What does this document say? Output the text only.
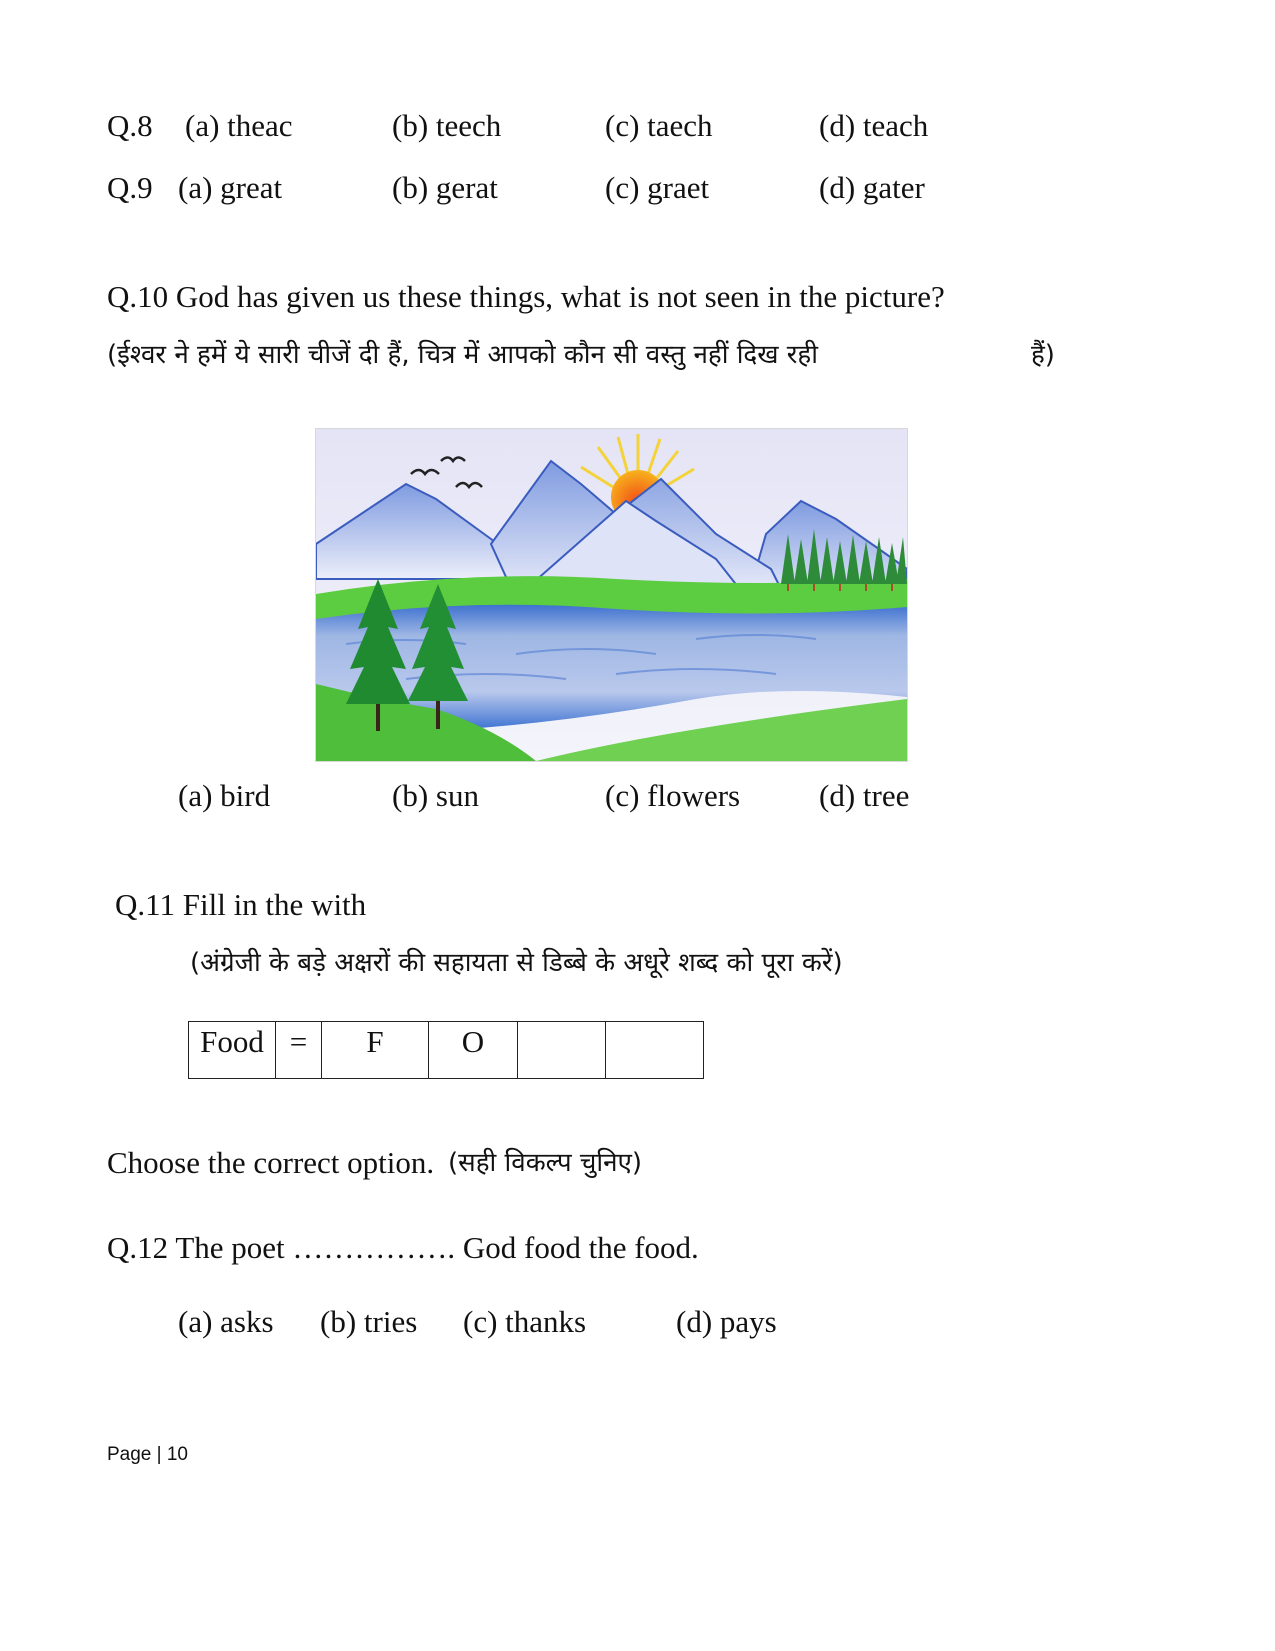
Q.8 (a) theac	(b) teech	(c) taech	(d) teach
Q.9 (a) great	(b) gerat	(c) graet	(d) gater
Q.10 God has given us these things, what is not seen in the picture?
(ईश्वर ने हमें ये सारी चीजें दी हैं, चित्र में आपको कौन सी वस्तु नहीं दिख रही	हैं)
(a) bird	(b) sun	(c) flowers	(d) tree
Q.11 Fill in the with
(अंग्रेजी के बड़े अक्षरों की सहायता से डिब्बे के अधूरे शब्द को पूरा करें)
Food	=	F	O		
Choose the correct option. (सही विकल्प चुनिए)
Q.12 The poet ……………. God food the food.
(a) asks (b) tries (c) thanks	(d) pays
Page | 10
